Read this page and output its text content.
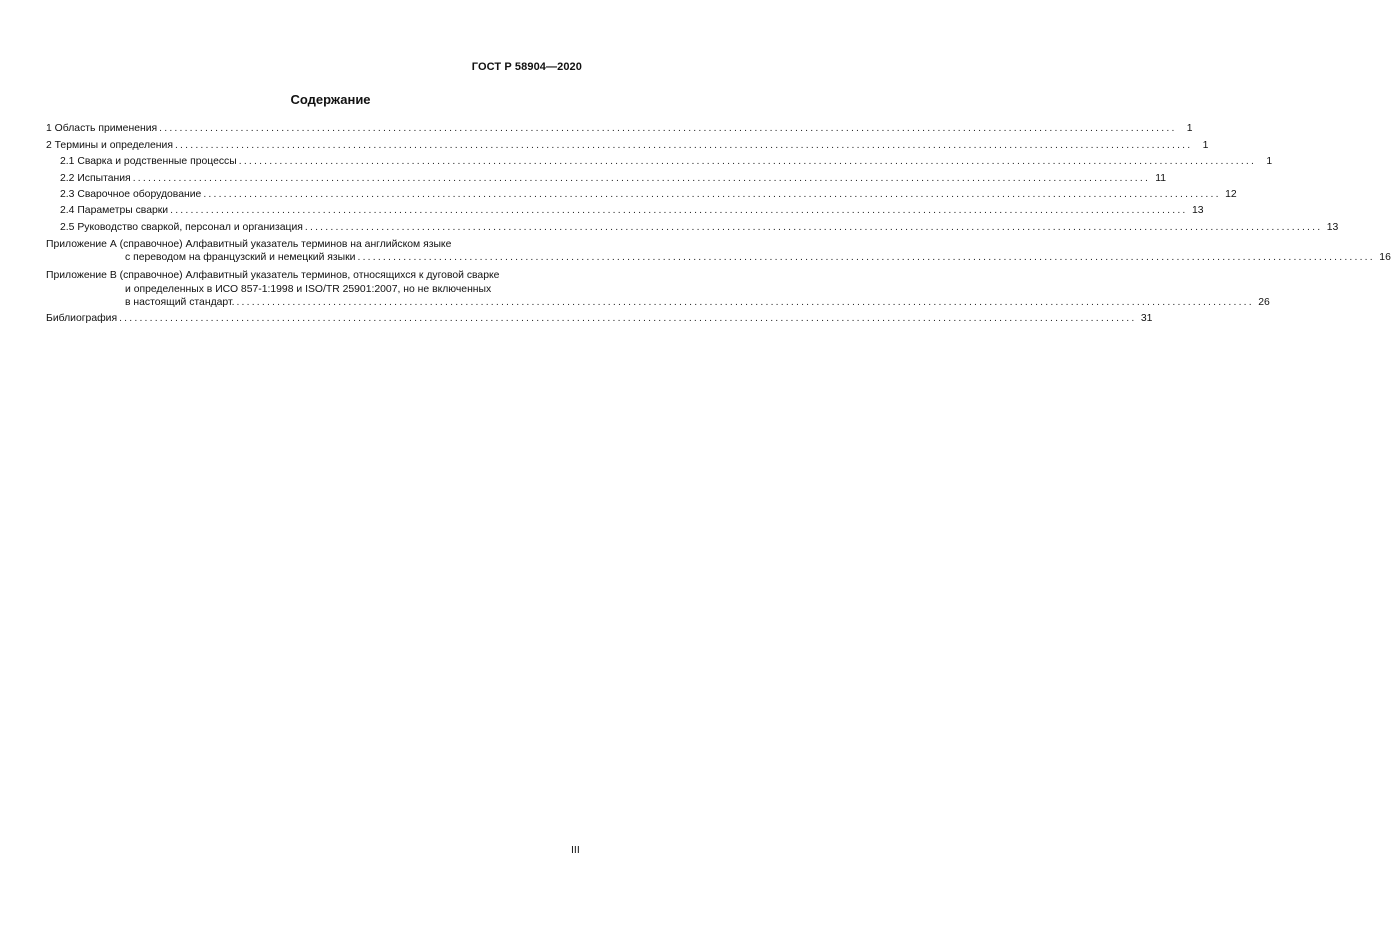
ГОСТ Р 58904—2020
Содержание
1 Область применения ........................................................................................................................................................................................................ 1
2 Термины и определения ........................................................................................................................................................................................................ 1
2.1 Сварка и родственные процессы ........................................................................................................................................................................................................ 1
2.2 Испытания ........................................................................................................................................................................................................ 11
2.3 Сварочное оборудование ........................................................................................................................................................................................................ 12
2.4 Параметры сварки ........................................................................................................................................................................................................ 13
2.5 Руководство сваркой, персонал и организация ........................................................................................................................................................................................................ 13
Приложение А (справочное) Алфавитный указатель терминов на английском языке
с переводом на французский и немецкий языки ........................................................................................................................................................................................................ 16
Приложение В (справочное) Алфавитный указатель терминов, относящихся к дуговой сварке
и определенных в ИСО 857-1:1998 и ISO/TR 25901:2007, но не включенных
в настоящий стандарт. ........................................................................................................................................................................................................ 26
Библиография ........................................................................................................................................................................................................ 31
III
